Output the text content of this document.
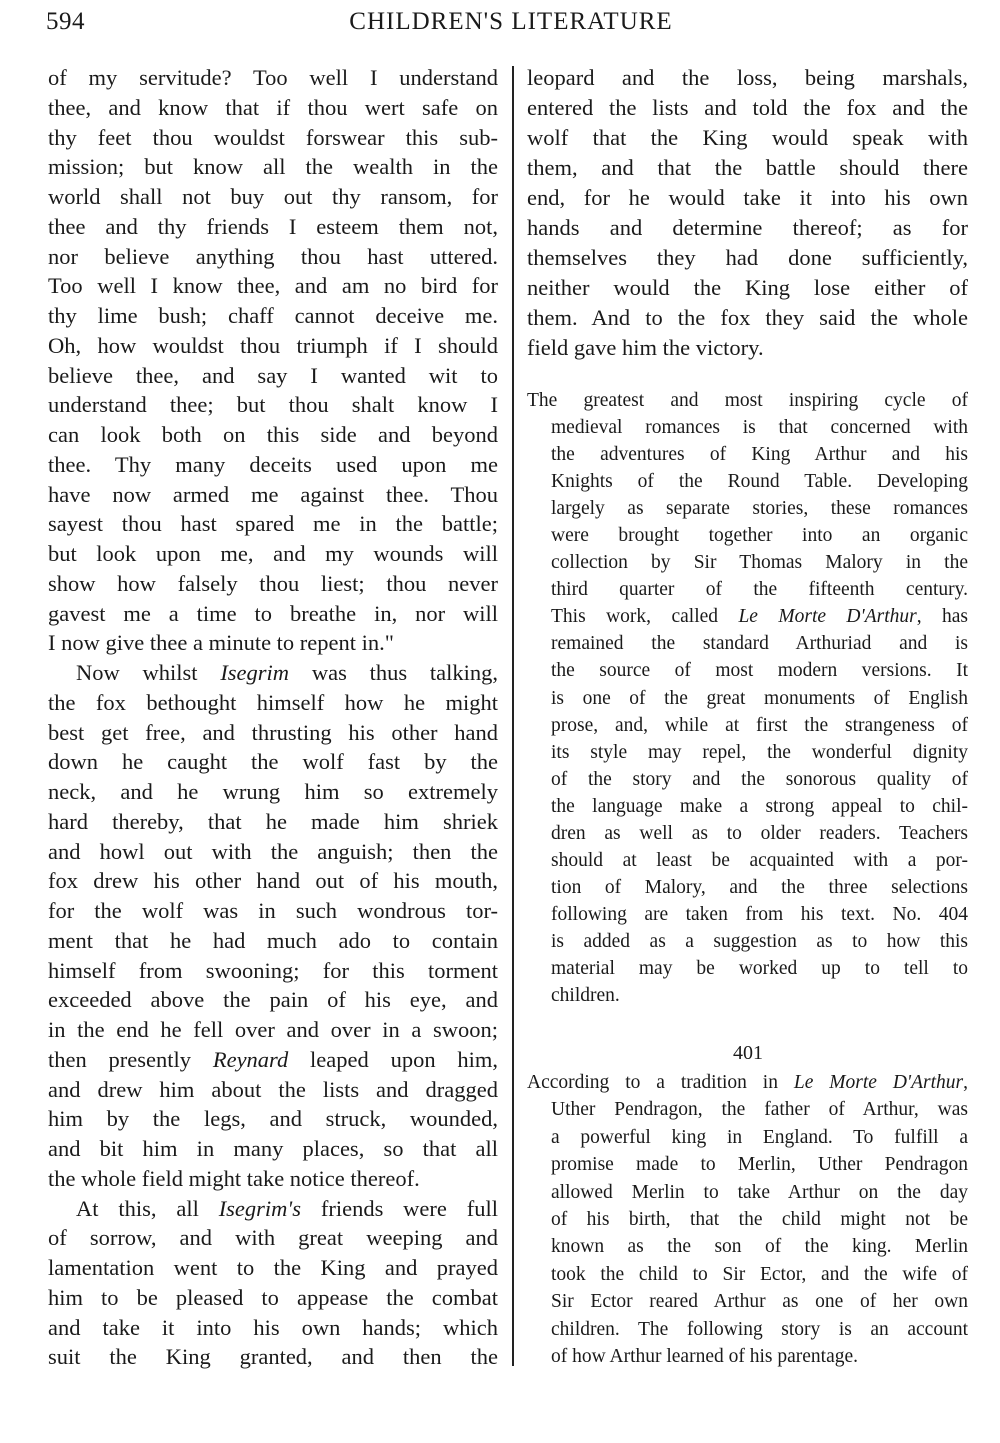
594	CHILDREN'S LITERATURE
of my servitude? Too well I understand
thee, and know that if thou wert safe on
thy feet thou wouldst forswear this sub-
mission; but know all the wealth in the
world shall not buy out thy ransom, for
thee and thy friends I esteem them not,
nor believe anything thou hast uttered.
Too well I know thee, and am no bird for
thy lime bush; chaff cannot deceive me.
Oh, how wouldst thou triumph if I should
believe thee, and say I wanted wit to
understand thee; but thou shalt know I
can look both on this side and beyond
thee. Thy many deceits used upon me
have now armed me against thee. Thou
sayest thou hast spared me in the battle;
but look upon me, and my wounds will
show how falsely thou liest; thou never
gavest me a time to breathe in, nor will
I now give thee a minute to repent in."
Now whilst Isegrim was thus talking,
the fox bethought himself how he might
best get free, and thrusting his other hand
down he caught the wolf fast by the
neck, and he wrung him so extremely
hard thereby, that he made him shriek
and howl out with the anguish; then the
fox drew his other hand out of his mouth,
for the wolf was in such wondrous tor-
ment that he had much ado to contain
himself from swooning; for this torment
exceeded above the pain of his eye, and
in the end he fell over and over in a swoon;
then presently Reynard leaped upon him,
and drew him about the lists and dragged
him by the legs, and struck, wounded,
and bit him in many places, so that all
the whole field might take notice thereof.
At this, all Isegrim's friends were full
of sorrow, and with great weeping and
lamentation went to the King and prayed
him to be pleased to appease the combat
and take it into his own hands; which
suit the King granted, and then the
leopard and the loss, being marshals,
entered the lists and told the fox and the
wolf that the King would speak with
them, and that the battle should there
end, for he would take it into his own
hands and determine thereof; as for
themselves they had done sufficiently,
neither would the King lose either of
them. And to the fox they said the whole
field gave him the victory.
The greatest and most inspiring cycle of
medieval romances is that concerned with
the adventures of King Arthur and his
Knights of the Round Table. Developing
largely as separate stories, these romances
were brought together into an organic
collection by Sir Thomas Malory in the
third quarter of the fifteenth century.
This work, called Le Morte D'Arthur, has
remained the standard Arthuriad and is
the source of most modern versions. It
is one of the great monuments of English
prose, and, while at first the strangeness of
its style may repel, the wonderful dignity
of the story and the sonorous quality of
the language make a strong appeal to chil-
dren as well as to older readers. Teachers
should at least be acquainted with a por-
tion of Malory, and the three selections
following are taken from his text. No. 404
is added as a suggestion as to how this
material may be worked up to tell to
children.
401
According to a tradition in Le Morte D'Arthur,
Uther Pendragon, the father of Arthur, was
a powerful king in England. To fulfill a
promise made to Merlin, Uther Pendragon
allowed Merlin to take Arthur on the day
of his birth, that the child might not be
known as the son of the king. Merlin
took the child to Sir Ector, and the wife of
Sir Ector reared Arthur as one of her own
children. The following story is an account
of how Arthur learned of his parentage.
